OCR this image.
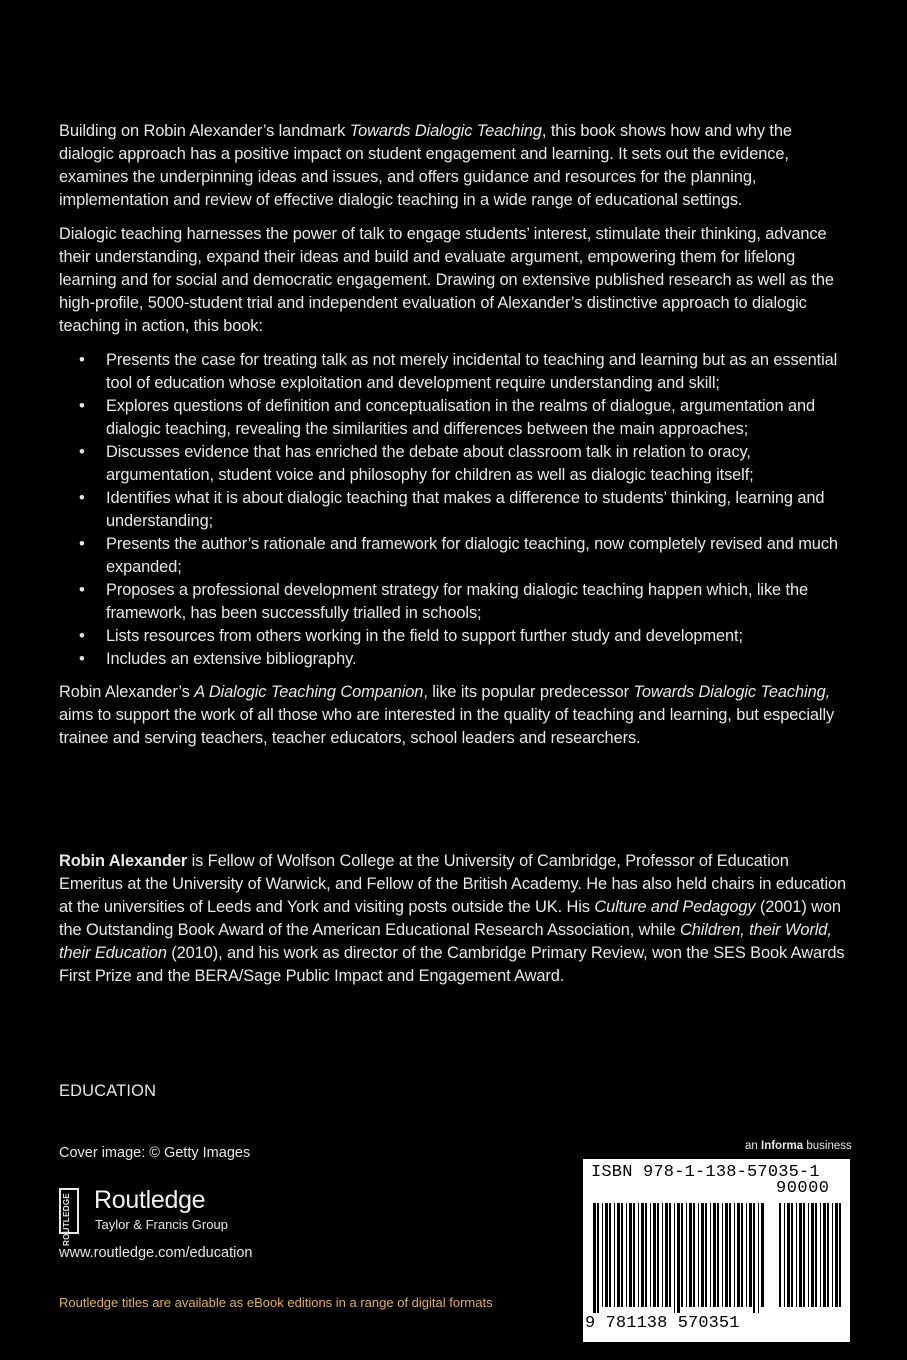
Building on Robin Alexander’s landmark Towards Dialogic Teaching, this book shows how and why the dialogic approach has a positive impact on student engagement and learning. It sets out the evidence, examines the underpinning ideas and issues, and offers guidance and resources for the planning, implementation and review of effective dialogic teaching in a wide range of educational settings.

Dialogic teaching harnesses the power of talk to engage students’ interest, stimulate their thinking, advance their understanding, expand their ideas and build and evaluate argument, empowering them for lifelong learning and for social and democratic engagement. Drawing on extensive published research as well as the high-profile, 5000-student trial and independent evaluation of Alexander’s distinctive approach to dialogic teaching in action, this book:

• Presents the case for treating talk as not merely incidental to teaching and learning but as an essential tool of education whose exploitation and development require understanding and skill;
• Explores questions of definition and conceptualisation in the realms of dialogue, argumentation and dialogic teaching, revealing the similarities and differences between the main approaches;
• Discusses evidence that has enriched the debate about classroom talk in relation to oracy, argumentation, student voice and philosophy for children as well as dialogic teaching itself;
• Identifies what it is about dialogic teaching that makes a difference to students’ thinking, learning and understanding;
• Presents the author’s rationale and framework for dialogic teaching, now completely revised and much expanded;
• Proposes a professional development strategy for making dialogic teaching happen which, like the framework, has been successfully trialled in schools;
• Lists resources from others working in the field to support further study and development;
• Includes an extensive bibliography.

Robin Alexander’s A Dialogic Teaching Companion, like its popular predecessor Towards Dialogic Teaching, aims to support the work of all those who are interested in the quality of teaching and learning, but especially trainee and serving teachers, teacher educators, school leaders and researchers.

Robin Alexander is Fellow of Wolfson College at the University of Cambridge, Professor of Education Emeritus at the University of Warwick, and Fellow of the British Academy. He has also held chairs in education at the universities of Leeds and York and visiting posts outside the UK. His Culture and Pedagogy (2001) won the Outstanding Book Award of the American Educational Research Association, while Children, their World, their Education (2010), and his work as director of the Cambridge Primary Review, won the SES Book Awards First Prize and the BERA/Sage Public Impact and Engagement Award.

EDUCATION
Cover image: © Getty Images
ROUTLEDGE Routledge
Taylor & Francis Group
www.routledge.com/education
Routledge titles are available as eBook editions in a range of digital formats
an Informa business
ISBN 978-1-138-57035-1
90000
9 781138 570351
